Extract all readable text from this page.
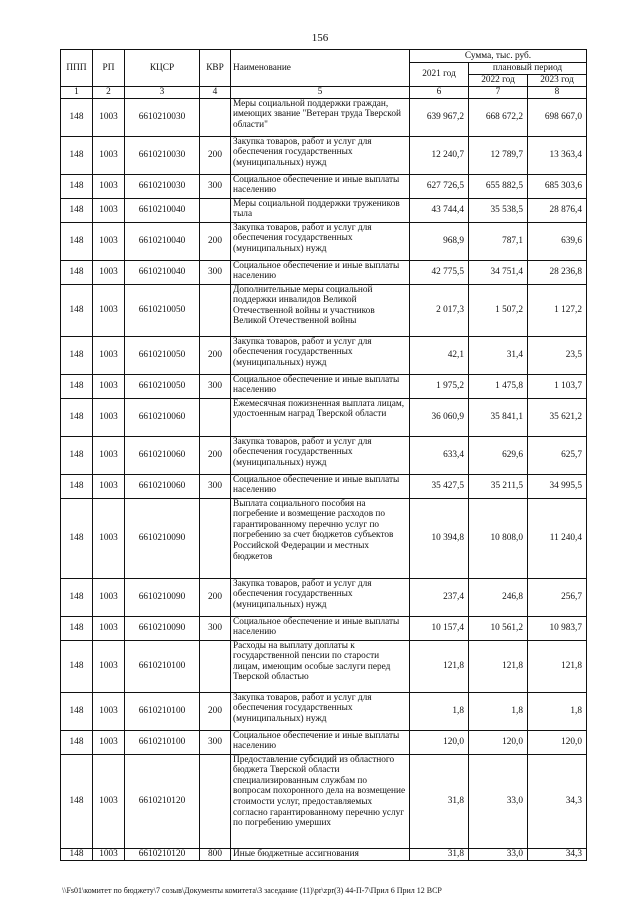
156
ППП	РП	КЦСР	КВР	Наименование	Сумма, тыс. руб.		
					2021 год	плановый период	
						2022 год	2023 год
1	2	3	4	5	6	7	8
148	1003	6610210030		Меры социальной поддержки граждан, имеющих звание "Ветеран труда Тверской области"	639 967,2	668 672,2	698 667,0
148	1003	6610210030	200	Закупка товаров, работ и услуг для обеспечения государственных (муниципальных) нужд	12 240,7	12 789,7	13 363,4
148	1003	6610210030	300	Социальное обеспечение и иные выплаты населению	627 726,5	655 882,5	685 303,6
148	1003	6610210040		Меры социальной поддержки тружеников тыла	43 744,4	35 538,5	28 876,4
148	1003	6610210040	200	Закупка товаров, работ и услуг для обеспечения государственных (муниципальных) нужд	968,9	787,1	639,6
148	1003	6610210040	300	Социальное обеспечение и иные выплаты населению	42 775,5	34 751,4	28 236,8
148	1003	6610210050		Дополнительные меры социальной поддержки инвалидов Великой Отечественной войны и участников Великой Отечественной войны	2 017,3	1 507,2	1 127,2
148	1003	6610210050	200	Закупка товаров, работ и услуг для обеспечения государственных (муниципальных) нужд	42,1	31,4	23,5
148	1003	6610210050	300	Социальное обеспечение и иные выплаты населению	1 975,2	1 475,8	1 103,7
148	1003	6610210060		Ежемесячная пожизненная выплата лицам, удостоенным наград Тверской области	36 060,9	35 841,1	35 621,2
148	1003	6610210060	200	Закупка товаров, работ и услуг для обеспечения государственных (муниципальных) нужд	633,4	629,6	625,7
148	1003	6610210060	300	Социальное обеспечение и иные выплаты населению	35 427,5	35 211,5	34 995,5
148	1003	6610210090		Выплата социального пособия на погребение и возмещение расходов по гарантированному перечню услуг по погребению за счет бюджетов субъектов Российской Федерации и местных бюджетов	10 394,8	10 808,0	11 240,4
148	1003	6610210090	200	Закупка товаров, работ и услуг для обеспечения государственных (муниципальных) нужд	237,4	246,8	256,7
148	1003	6610210090	300	Социальное обеспечение и иные выплаты населению	10 157,4	10 561,2	10 983,7
148	1003	6610210100		Расходы на выплату доплаты к государственной пенсии по старости лицам, имеющим особые заслуги перед Тверской областью	121,8	121,8	121,8
148	1003	6610210100	200	Закупка товаров, работ и услуг для обеспечения государственных (муниципальных) нужд	1,8	1,8	1,8
148	1003	6610210100	300	Социальное обеспечение и иные выплаты населению	120,0	120,0	120,0
148	1003	6610210120		Предоставление субсидий из областного бюджета Тверской области специализированным службам по вопросам похоронного дела на возмещение стоимости услуг, предоставляемых согласно гарантированному перечню услуг по погребению умерших	31,8	33,0	34,3
148	1003	6610210120	800	Иные бюджетные ассигнования	31,8	33,0	34,3
\\Fs01\комитет по бюджету\7 созыв\Документы комитета\3 заседание (11)\pr\zpr(3) 44-П-7\Прил 6 Прил 12 ВСР
